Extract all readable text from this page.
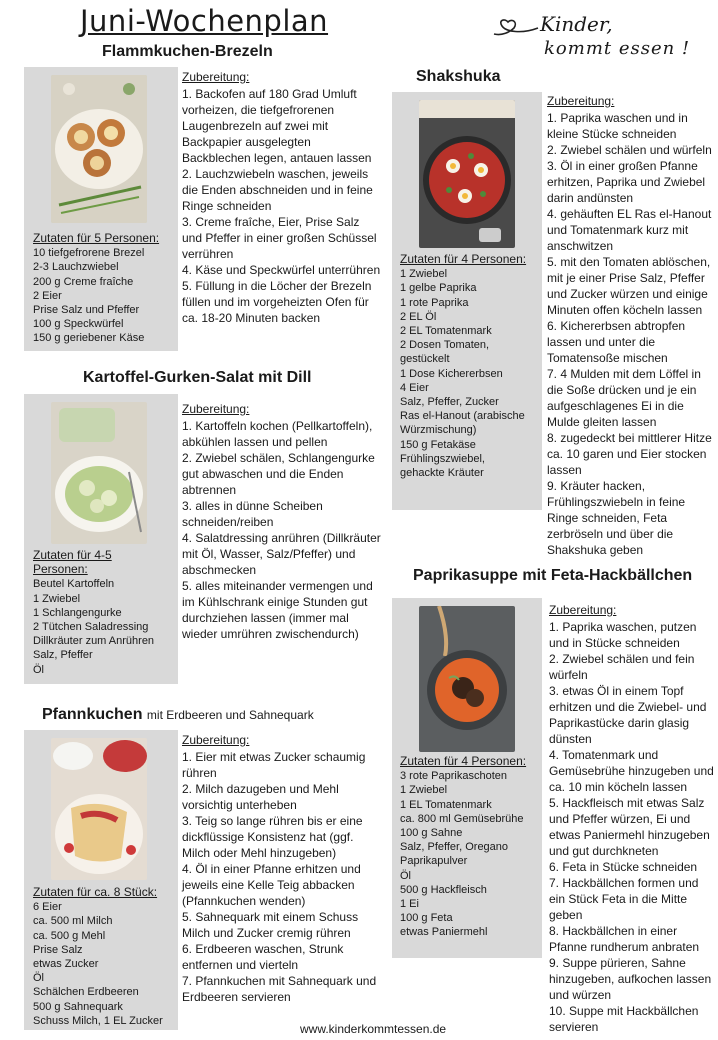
Juni-Wochenplan	Kinder,
kommt essen !
Flammkuchen-Brezeln
Zutaten für 5 Personen:
10 tiefgefrorene Brezel
2-3 Lauchzwiebel
200 g Creme fraîche
2 Eier
Prise Salz und Pfeffer
100 g Speckwürfel
150 g geriebener Käse
Zubereitung:
1. Backofen auf 180 Grad Umluft vorheizen, die tiefgefrorenen Laugenbrezeln auf zwei mit Backpapier ausgelegten Backblechen legen, antauen lassen
2. Lauchzwiebeln waschen, jeweils die Enden abschneiden und in feine Ringe schneiden
3. Creme fraîche, Eier, Prise Salz und Pfeffer in einer großen Schüssel verrühren
4. Käse und Speckwürfel unterrühren
5. Füllung in die Löcher der Brezeln füllen und im vorgeheizten Ofen für ca. 18-20 Minuten backen
Kartoffel-Gurken-Salat mit Dill
Zutaten für 4-5 Personen:
Beutel Kartoffeln
1 Zwiebel
1 Schlangengurke
2 Tütchen Saladressing
Dillkräuter zum Anrühren
Salz, Pfeffer
Öl
Zubereitung:
1. Kartoffeln kochen (Pellkartoffeln), abkühlen lassen und pellen
2. Zwiebel schälen, Schlangengurke gut abwaschen und die Enden abtrennen
3. alles in dünne Scheiben schneiden/reiben
4. Salatdressing anrühren (Dillkräuter mit Öl, Wasser, Salz/Pfeffer) und abschmecken
5. alles miteinander vermengen und im Kühlschrank einige Stunden gut durchziehen lassen (immer mal wieder umrühren zwischendurch)
Pfannkuchen mit Erdbeeren und Sahnequark
Zutaten für ca. 8 Stück:
6 Eier
ca. 500 ml Milch
ca. 500 g Mehl
Prise Salz
etwas Zucker
Öl
Schälchen Erdbeeren
500 g Sahnequark
Schuss Milch, 1 EL Zucker
Zubereitung:
1. Eier mit etwas Zucker schaumig rühren
2. Milch dazugeben und Mehl vorsichtig unterheben
3. Teig so lange rühren bis er eine dickflüssige Konsistenz hat (ggf. Milch oder Mehl hinzugeben)
4. Öl in einer Pfanne erhitzen und jeweils eine Kelle Teig abbacken (Pfannkuchen wenden)
5. Sahnequark mit einem Schuss Milch und Zucker cremig rühren
6. Erdbeeren waschen, Strunk entfernen und vierteln
7. Pfannkuchen mit Sahnequark und Erdbeeren servieren
Shakshuka
Zutaten für 4 Personen:
1 Zwiebel
1 gelbe Paprika
1 rote Paprika
2 EL Öl
2 EL Tomatenmark
2 Dosen Tomaten,
gestückelt
1 Dose Kichererbsen
4 Eier
Salz, Pfeffer, Zucker
Ras el-Hanout (arabische
Würzmischung)
150 g Fetakäse
Frühlingszwiebel,
gehackte Kräuter
Zubereitung:
1. Paprika waschen und in kleine Stücke schneiden
2. Zwiebel schälen und würfeln
3. Öl in einer großen Pfanne erhitzen, Paprika und Zwiebel darin andünsten
4. gehäuften EL Ras el-Hanout und Tomatenmark kurz mit anschwitzen
5. mit den Tomaten ablöschen, mit je einer Prise Salz, Pfeffer und Zucker würzen und einige Minuten offen köcheln lassen
6. Kichererbsen abtropfen lassen und unter die Tomatensoße mischen
7. 4 Mulden mit dem Löffel in die Soße drücken und je ein aufgeschlagenes Ei in die Mulde gleiten lassen
8. zugedeckt bei mittlerer Hitze ca. 10 garen und Eier stocken lassen
9. Kräuter hacken, Frühlingszwiebeln in feine Ringe schneiden, Feta zerbröseln und über die Shakshuka geben
Paprikasuppe mit Feta-Hackbällchen
Zutaten für 4 Personen:
3 rote Paprikaschoten
1 Zwiebel
1 EL Tomatenmark
ca. 800 ml Gemüsebrühe
100 g Sahne
Salz, Pfeffer, Oregano
Paprikapulver
Öl
500 g Hackfleisch
1 Ei
100 g Feta
etwas Paniermehl
Zubereitung:
1. Paprika waschen, putzen und in Stücke schneiden
2. Zwiebel schälen und fein würfeln
3. etwas Öl in einem Topf erhitzen und die Zwiebel- und Paprikastücke darin glasig dünsten
4. Tomatenmark und Gemüsebrühe hinzugeben und ca. 10 min köcheln lassen
5. Hackfleisch mit etwas Salz und Pfeffer würzen, Ei und etwas Paniermehl hinzugeben und gut durchkneten
6. Feta in Stücke schneiden
7. Hackbällchen formen und ein Stück Feta in die Mitte geben
8. Hackbällchen in einer Pfanne rundherum anbraten
9. Suppe pürieren, Sahne hinzugeben, aufkochen lassen und würzen
10. Suppe mit Hackbällchen servieren
www.kinderkommtessen.de
